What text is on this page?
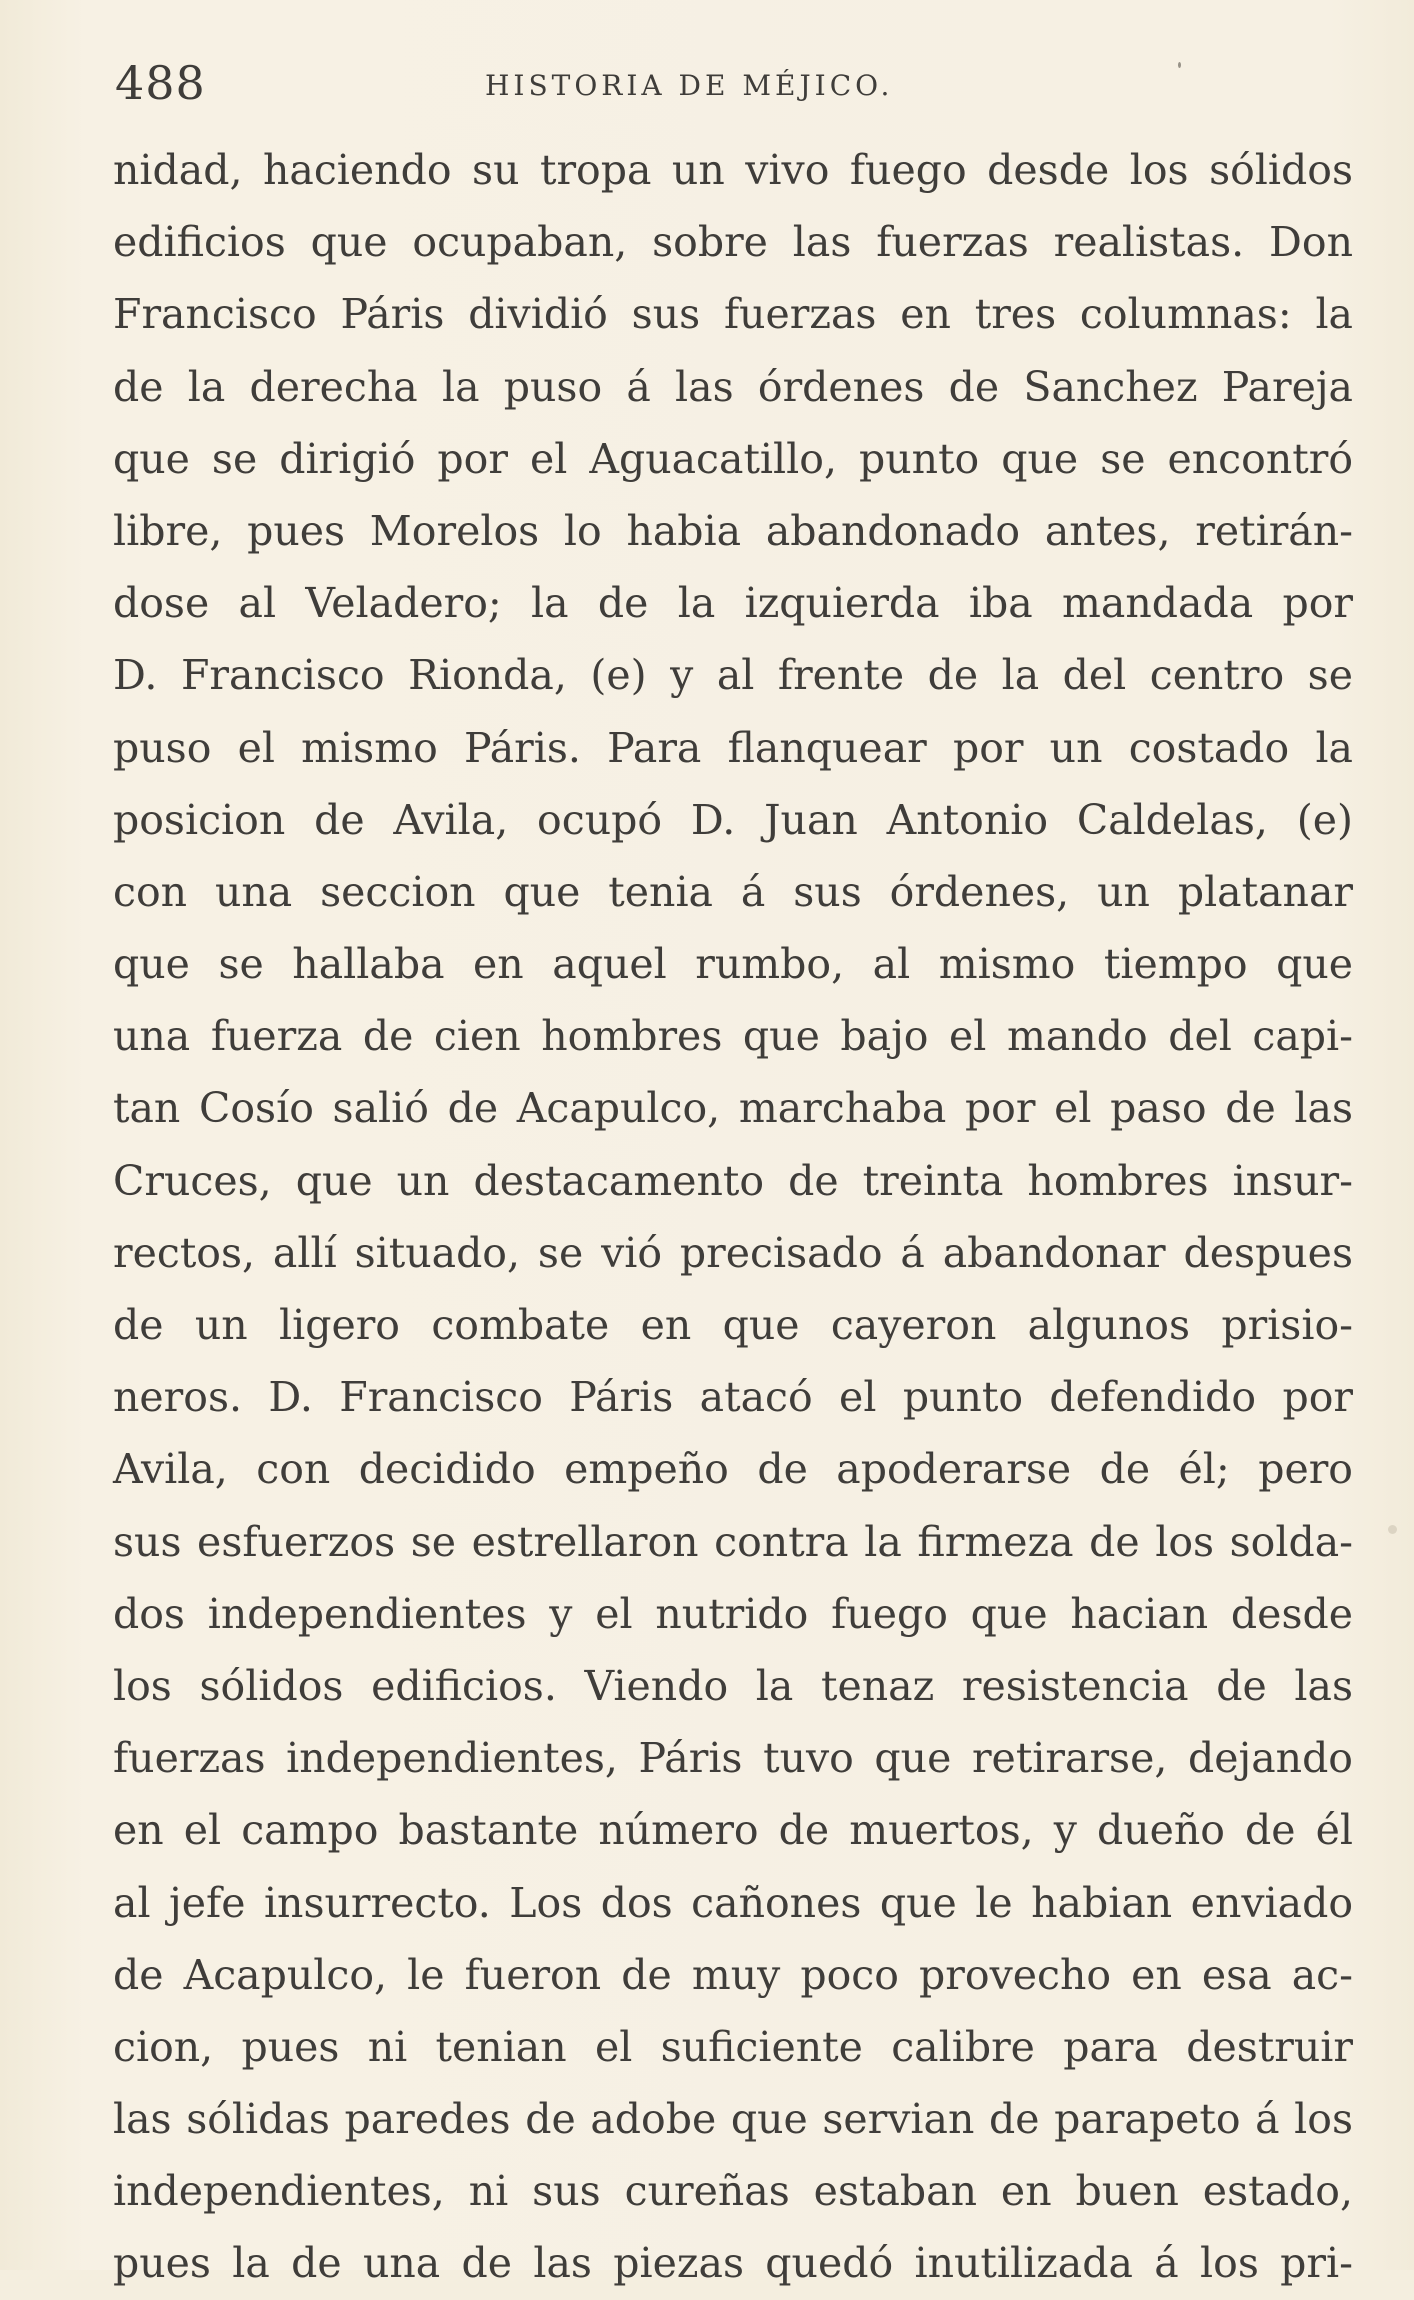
488	HISTORIA DE MÉJICO.
nidad, haciendo su tropa un vivo fuego desde los sólidos
edificios que ocupaban, sobre las fuerzas realistas. Don
Francisco Páris dividió sus fuerzas en tres columnas: la
de la derecha la puso á las órdenes de Sanchez Pareja
que se dirigió por el Aguacatillo, punto que se encontró
libre, pues Morelos lo habia abandonado antes, retirán-
dose al Veladero; la de la izquierda iba mandada por
D. Francisco Rionda, (e) y al frente de la del centro se
puso el mismo Páris. Para flanquear por un costado la
posicion de Avila, ocupó D. Juan Antonio Caldelas, (e)
con una seccion que tenia á sus órdenes, un platanar
que se hallaba en aquel rumbo, al mismo tiempo que
una fuerza de cien hombres que bajo el mando del capi-
tan Cosío salió de Acapulco, marchaba por el paso de las
Cruces, que un destacamento de treinta hombres insur-
rectos, allí situado, se vió precisado á abandonar despues
de un ligero combate en que cayeron algunos prisio-
neros. D. Francisco Páris atacó el punto defendido por
Avila, con decidido empeño de apoderarse de él; pero
sus esfuerzos se estrellaron contra la firmeza de los solda-
dos independientes y el nutrido fuego que hacian desde
los sólidos edificios. Viendo la tenaz resistencia de las
fuerzas independientes, Páris tuvo que retirarse, dejando
en el campo bastante número de muertos, y dueño de él
al jefe insurrecto. Los dos cañones que le habian enviado
de Acapulco, le fueron de muy poco provecho en esa ac-
cion, pues ni tenian el suficiente calibre para destruir
las sólidas paredes de adobe que servian de parapeto á los
independientes, ni sus cureñas estaban en buen estado,
pues la de una de las piezas quedó inutilizada á los pri-
